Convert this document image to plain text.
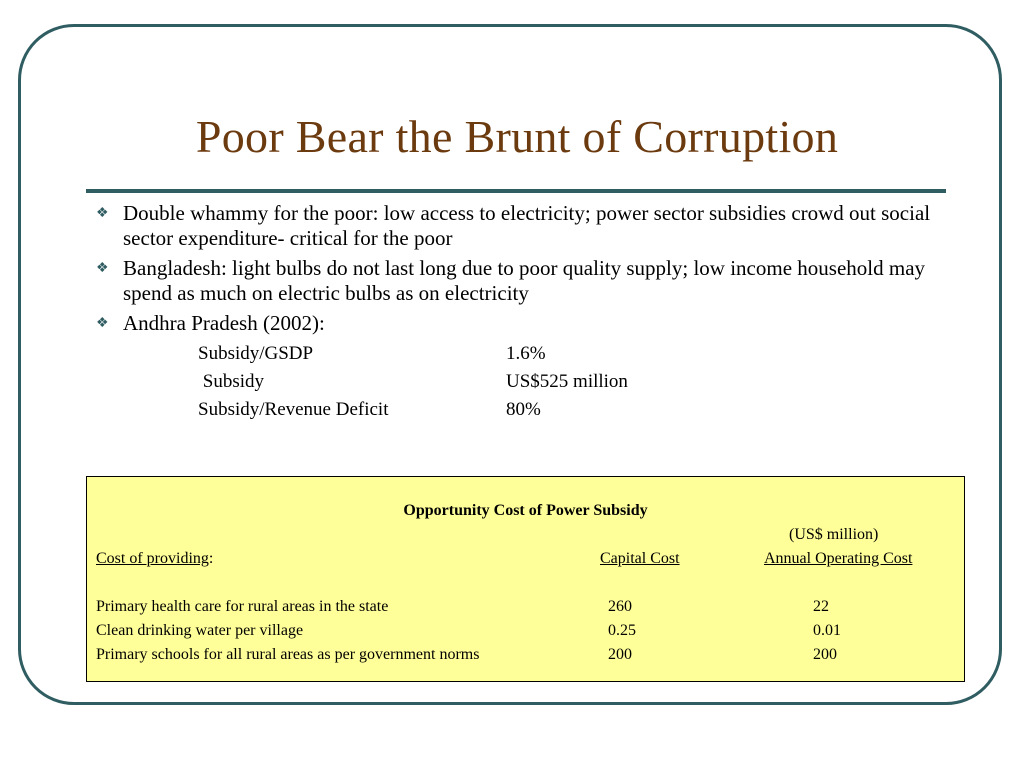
Poor Bear the Brunt of Corruption
❖ Double whammy for the poor: low access to electricity; power sector subsidies crowd out social sector expenditure- critical for the poor
❖ Bangladesh: light bulbs do not last long due to poor quality supply; low income household may spend as much on electric bulbs as on electricity
❖ Andhra Pradesh (2002):
Subsidy/GSDP	1.6%
Subsidy	US$525 million
Subsidy/Revenue Deficit	80%
Opportunity Cost of Power Subsidy
(US$ million)
Cost of providing:	Capital Cost	Annual Operating Cost
Primary health care for rural areas in the state	260	22
Clean drinking water per village	0.25	0.01
Primary schools for all rural areas as per government norms	200	200
